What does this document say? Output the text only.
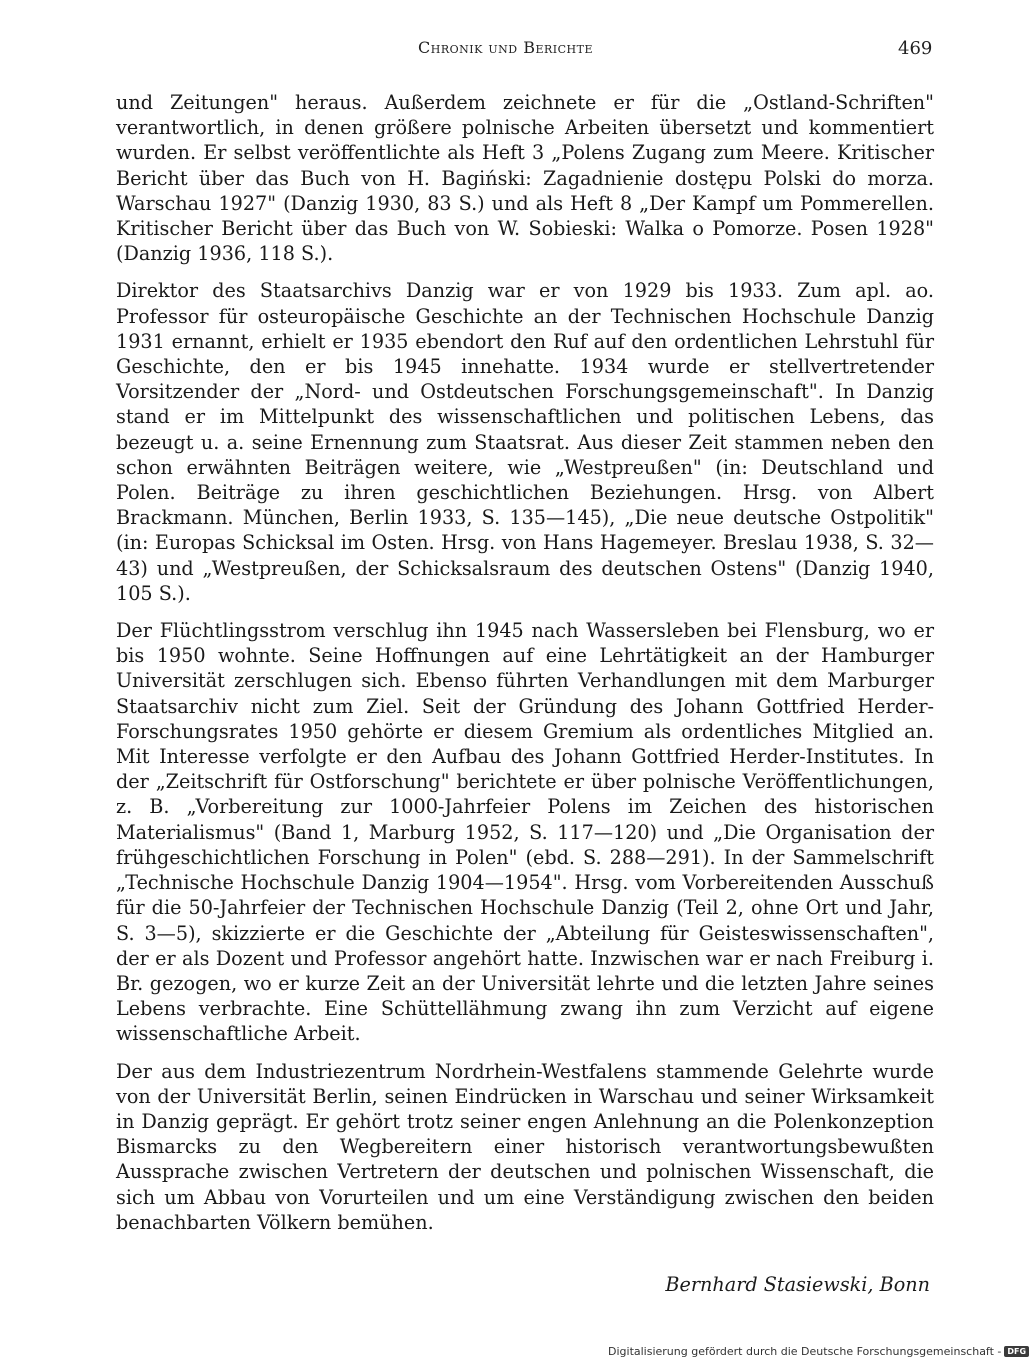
Chronik und Berichte	469

und Zeitungen" heraus. Außerdem zeichnete er für die „Ostland-Schriften" verantwortlich, in denen größere polnische Arbeiten übersetzt und kommentiert wurden. Er selbst veröffentlichte als Heft 3 „Polens Zugang zum Meere. Kritischer Bericht über das Buch von H. Bagiński: Zagadnienie dostępu Polski do morza. Warschau 1927" (Danzig 1930, 83 S.) und als Heft 8 „Der Kampf um Pommerellen. Kritischer Bericht über das Buch von W. Sobieski: Walka o Pomorze. Posen 1928" (Danzig 1936, 118 S.).

Direktor des Staatsarchivs Danzig war er von 1929 bis 1933. Zum apl. ao. Professor für osteuropäische Geschichte an der Technischen Hochschule Danzig 1931 ernannt, erhielt er 1935 ebendort den Ruf auf den ordentlichen Lehrstuhl für Geschichte, den er bis 1945 innehatte. 1934 wurde er stellvertretender Vorsitzender der „Nord- und Ostdeutschen Forschungsgemeinschaft". In Danzig stand er im Mittelpunkt des wissenschaftlichen und politischen Lebens, das bezeugt u. a. seine Ernennung zum Staatsrat. Aus dieser Zeit stammen neben den schon erwähnten Beiträgen weitere, wie „Westpreußen" (in: Deutschland und Polen. Beiträge zu ihren geschichtlichen Beziehungen. Hrsg. von Albert Brackmann. München, Berlin 1933, S. 135—145), „Die neue deutsche Ostpolitik" (in: Europas Schicksal im Osten. Hrsg. von Hans Hagemeyer. Breslau 1938, S. 32—43) und „Westpreußen, der Schicksalsraum des deutschen Ostens" (Danzig 1940, 105 S.).

Der Flüchtlingsstrom verschlug ihn 1945 nach Wassersleben bei Flensburg, wo er bis 1950 wohnte. Seine Hoffnungen auf eine Lehrtätigkeit an der Hamburger Universität zerschlugen sich. Ebenso führten Verhandlungen mit dem Marburger Staatsarchiv nicht zum Ziel. Seit der Gründung des Johann Gottfried Herder-Forschungsrates 1950 gehörte er diesem Gremium als ordentliches Mitglied an. Mit Interesse verfolgte er den Aufbau des Johann Gottfried Herder-Institutes. In der „Zeitschrift für Ostforschung" berichtete er über polnische Veröffentlichungen, z. B. „Vorbereitung zur 1000-Jahrfeier Polens im Zeichen des historischen Materialismus" (Band 1, Marburg 1952, S. 117—120) und „Die Organisation der frühgeschichtlichen Forschung in Polen" (ebd. S. 288—291). In der Sammelschrift „Technische Hochschule Danzig 1904—1954". Hrsg. vom Vorbereitenden Ausschuß für die 50-Jahrfeier der Technischen Hochschule Danzig (Teil 2, ohne Ort und Jahr, S. 3—5), skizzierte er die Geschichte der „Abteilung für Geisteswissenschaften", der er als Dozent und Professor angehört hatte. Inzwischen war er nach Freiburg i. Br. gezogen, wo er kurze Zeit an der Universität lehrte und die letzten Jahre seines Lebens verbrachte. Eine Schüttellähmung zwang ihn zum Verzicht auf eigene wissenschaftliche Arbeit.

Der aus dem Industriezentrum Nordrhein-Westfalens stammende Gelehrte wurde von der Universität Berlin, seinen Eindrücken in Warschau und seiner Wirksamkeit in Danzig geprägt. Er gehört trotz seiner engen Anlehnung an die Polenkonzeption Bismarcks zu den Wegbereitern einer historisch verantwortungsbewußten Aussprache zwischen Vertretern der deutschen und polnischen Wissenschaft, die sich um Abbau von Vorurteilen und um eine Verständigung zwischen den beiden benachbarten Völkern bemühen.

Bernhard Stasiewski, Bonn
Digitalisierung gefördert durch die Deutsche Forschungsgemeinschaft - DFG
